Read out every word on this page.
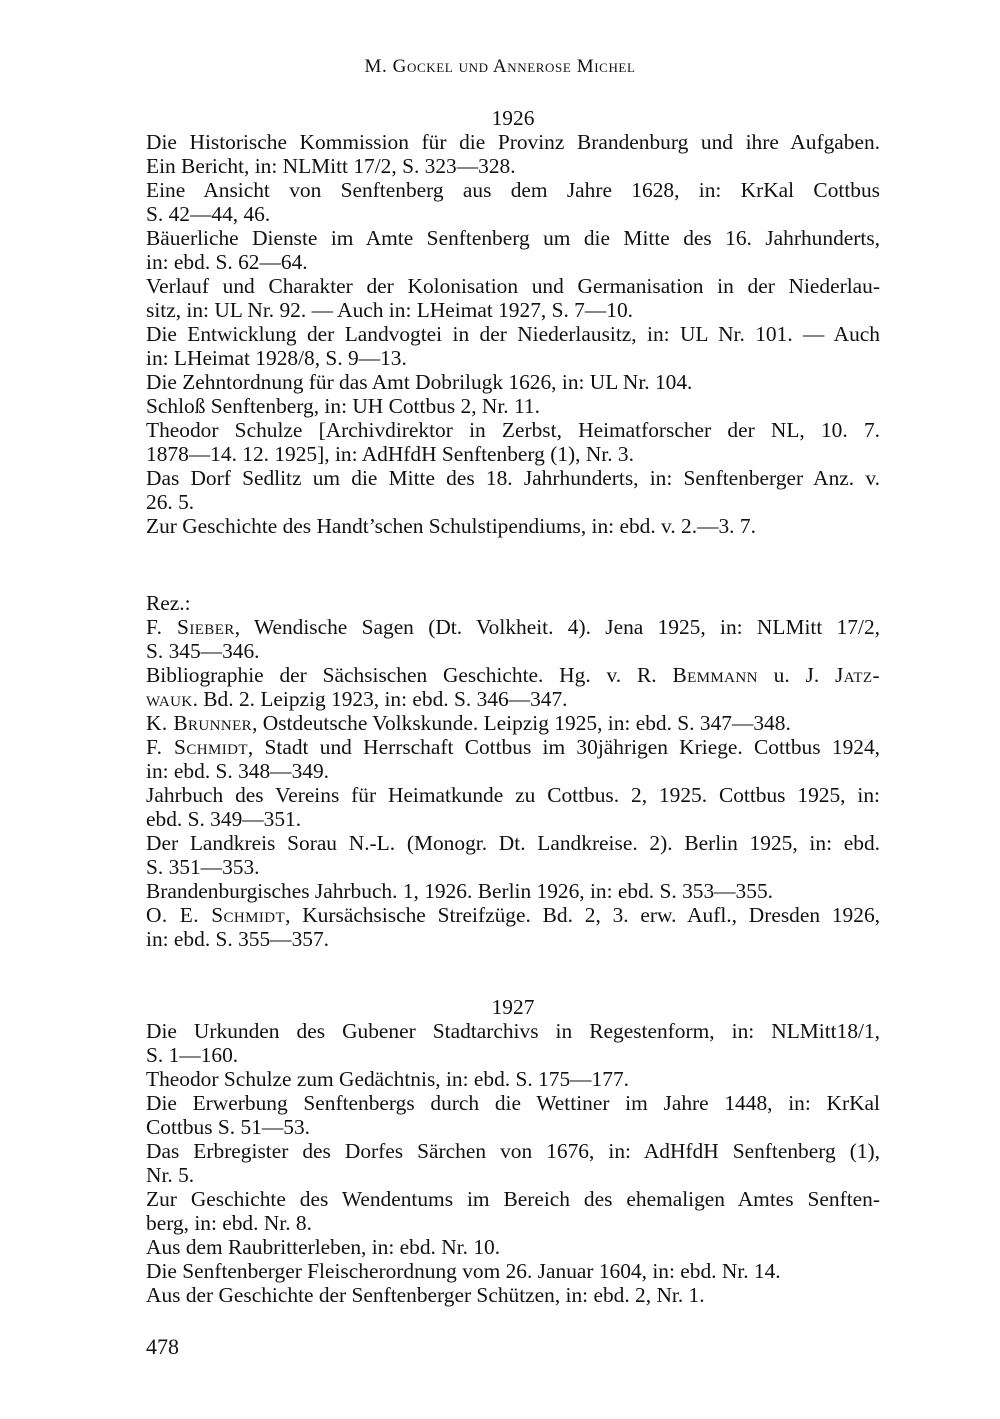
M. Gockel und Annerose Michel
1926
Die Historische Kommission für die Provinz Brandenburg und ihre Aufgaben.
Ein Bericht, in: NLMitt 17/2, S. 323—328.
Eine Ansicht von Senftenberg aus dem Jahre 1628, in: KrKal Cottbus
S. 42—44, 46.
Bäuerliche Dienste im Amte Senftenberg um die Mitte des 16. Jahrhunderts,
in: ebd. S. 62—64.
Verlauf und Charakter der Kolonisation und Germanisation in der Niederlau-
sitz, in: UL Nr. 92. — Auch in: LHeimat 1927, S. 7—10.
Die Entwicklung der Landvogtei in der Niederlausitz, in: UL Nr. 101. — Auch
in: LHeimat 1928/8, S. 9—13.
Die Zehntordnung für das Amt Dobrilugk 1626, in: UL Nr. 104.
Schloß Senftenberg, in: UH Cottbus 2, Nr. 11.
Theodor Schulze [Archivdirektor in Zerbst, Heimatforscher der NL, 10. 7.
1878—14. 12. 1925], in: AdHfdH Senftenberg (1), Nr. 3.
Das Dorf Sedlitz um die Mitte des 18. Jahrhunderts, in: Senftenberger Anz. v.
26. 5.
Zur Geschichte des Handt’schen Schulstipendiums, in: ebd. v. 2.—3. 7.
Rez.:
F. Sieber, Wendische Sagen (Dt. Volkheit. 4). Jena 1925, in: NLMitt 17/2,
S. 345—346.
Bibliographie der Sächsischen Geschichte. Hg. v. R. Bemmann u. J. Jatz-
wauk. Bd. 2. Leipzig 1923, in: ebd. S. 346—347.
K. Brunner, Ostdeutsche Volkskunde. Leipzig 1925, in: ebd. S. 347—348.
F. Schmidt, Stadt und Herrschaft Cottbus im 30jährigen Kriege. Cottbus 1924,
in: ebd. S. 348—349.
Jahrbuch des Vereins für Heimatkunde zu Cottbus. 2, 1925. Cottbus 1925, in:
ebd. S. 349—351.
Der Landkreis Sorau N.-L. (Monogr. Dt. Landkreise. 2). Berlin 1925, in: ebd.
S. 351—353.
Brandenburgisches Jahrbuch. 1, 1926. Berlin 1926, in: ebd. S. 353—355.
O. E. Schmidt, Kursächsische Streifzüge. Bd. 2, 3. erw. Aufl., Dresden 1926,
in: ebd. S. 355—357.
1927
Die Urkunden des Gubener Stadtarchivs in Regestenform, in: NLMitt18/1,
S. 1—160.
Theodor Schulze zum Gedächtnis, in: ebd. S. 175—177.
Die Erwerbung Senftenbergs durch die Wettiner im Jahre 1448, in: KrKal
Cottbus S. 51—53.
Das Erbregister des Dorfes Särchen von 1676, in: AdHfdH Senftenberg (1),
Nr. 5.
Zur Geschichte des Wendentums im Bereich des ehemaligen Amtes Senften-
berg, in: ebd. Nr. 8.
Aus dem Raubritterleben, in: ebd. Nr. 10.
Die Senftenberger Fleischerordnung vom 26. Januar 1604, in: ebd. Nr. 14.
Aus der Geschichte der Senftenberger Schützen, in: ebd. 2, Nr. 1.
478
